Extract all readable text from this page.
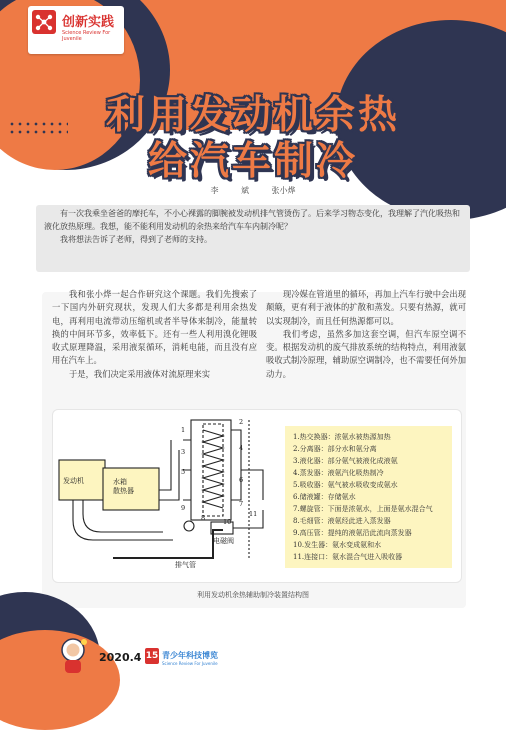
创新实践
Science Review For Juvenile
利用发动机余热
给汽车制冷
李 斌 张小烨

有一次我乘坐爸爸的摩托车，不小心裸露的脚腕被发动机排气管烫伤了。后来学习物态变化，我理解了汽化吸热和液化放热原理。我想，能不能利用发动机的余热来给汽车车内制冷呢？

我将想法告诉了老师，得到了老师的支持。

我和张小烨一起合作研究这个课题。我们先搜索了一下国内外研究现状，发现人们大多都是利用余热发电，再利用电流带动压缩机或者半导体来制冷，能量转换的中间环节多，效率低下。还有一些人利用溴化锂吸收式原理降温，采用液泵循环，消耗电能，而且没有应用在汽车上。

于是，我们决定采用液体对流原理来实

现冷媒在管道里的循环，再加上汽车行驶中会出现颠簸，更有利于液体的扩散和蒸发。只要有热源，就可以实现制冷，而且任何热源都可以。

我们考虑，虽然多加这套空调，但汽车原空调不变。根据发动机的废气排放系统的结构特点，利用液氨吸收式制冷原理，辅助原空调制冷，也不需要任何外加动力。

1
2
3	4
5
6
7
8
9
10
11
发动机	水箱
散热器
电磁阀
排气管
1.热交换器：浓氨水被热源加热
2.分离器：部分水和氨分离
3.液化器：部分氨气被液化成液氨
4.蒸发器：液氨汽化吸热制冷
5.吸收器：氨气被水吸收变成氨水
6.储液罐：存储氨水
7.螺旋管：下面是浓氨水，上面是氨水混合气
8.毛细管：液氨经此进入蒸发器
9.高压管：提纯的液氨沿此流向蒸发器
10.发生器：氨水变成氨和水
11.连接口：氨水混合气进入吸收器
利用发动机余热辅助制冷装置结构图
2020.4 15 青少年科技博览
Science Review For Juvenile
